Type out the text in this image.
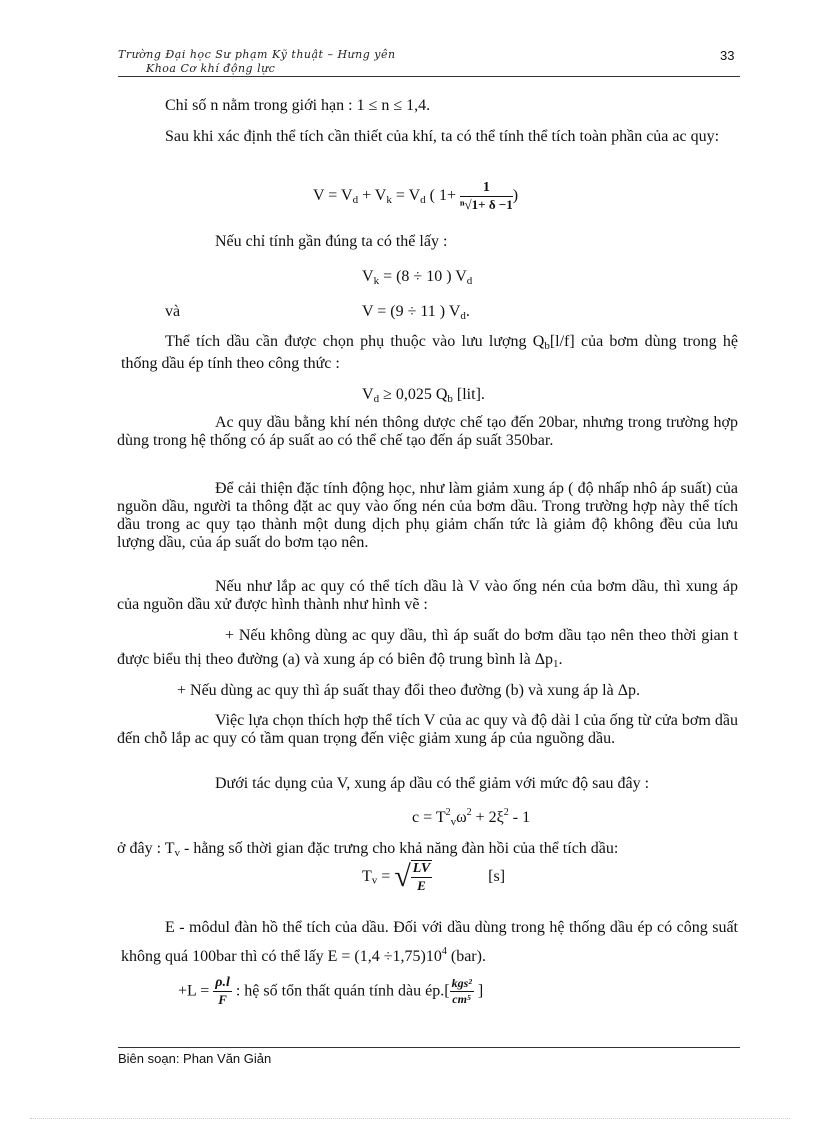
Trường Đại học Sư phạm Kỹ thuật – Hưng yên
Khoa Cơ khí động lực
33

Chỉ số n nằm trong giới hạn : 1 ≤ n ≤ 1,4.

Sau khi xác định thể tích cần thiết của khí, ta có thể tính thể tích toàn phần của ac quy:

$V = V_d + V_k = V_d$ ( $1+ \frac{1}{\text{ⁿ√1+ δ −1}}$ )

Nếu chỉ tính gần đúng ta có thể lấy :

$V_k = (8 \div 10$ ) $V_d$
và	V = (9 ÷ 11 ) $V_d$.

Thể tích dầu cần được chọn phụ thuộc vào lưu lượng $Q_b[l/f]$ của bơm dùng trong hệ thống dầu ép tính theo công thức :

$V_d \ge 0,025$ $Q_b$ [lit].

Ac quy dầu bằng khí nén thông dược chế tạo đến 20bar, nhưng trong trường hợp dùng trong hệ thống có áp suất ao có thể chế tạo đến áp suất 350bar.

Để cải thiện đặc tính động học, như làm giảm xung áp ( độ nhấp nhô áp suất) của nguồn dầu, người ta thông đặt ac quy vào ống nén của bơm dầu. Trong trường hợp này thể tích dầu trong ac quy tạo thành một dung dịch phụ giảm chấn tức là giảm độ không đều của lưu lượng dầu, của áp suất do bơm tạo nên.

Nếu như lắp ac quy có thể tích dầu là V vào ống nén của bơm dầu, thì xung áp của nguồn dầu xử được hình thành như hình vẽ :

+ Nếu không dùng ac quy dầu, thì áp suất do bơm dầu tạo nên theo thời gian t được biểu thị theo đường (a) và xung áp có biên độ trung bình là $\Delta p_1$.

+ Nếu dùng ac quy thì áp suất thay đổi theo đường (b) và xung áp là Δp.

Việc lựa chọn thích hợp thể tích V của ac quy và độ dài l của ống từ cửa bơm dầu đến chỗ lắp ac quy có tầm quan trọng đến việc giảm xung áp của nguồng dầu.

Dưới tác dụng của V, xung áp dầu có thể giảm với mức độ sau đây :

$c = T^2_v\omega^2 + 2\xi^2 - 1$

ở đây : $T_v$ - hằng số thời gian đặc trưng cho khả năng đàn hồi của thể tích dầu:

$T_v$ = √ $\frac{LV}{E}$	[s]

E - môdul đàn hồ thể tích của dầu. Đối với dầu dùng trong hệ thống dầu ép có công suất không quá 100bar thì có thể lấy $E = (1,4 \div 1,75)10^4$ (bar).

$+L = \frac{\rho.l}{F}$ : hệ số tổn thất quán tính dàu ép.[ $\frac{\text{kgs²}}{\text{cm⁵}}$ ]
Biên soạn: Phan Văn Giản
